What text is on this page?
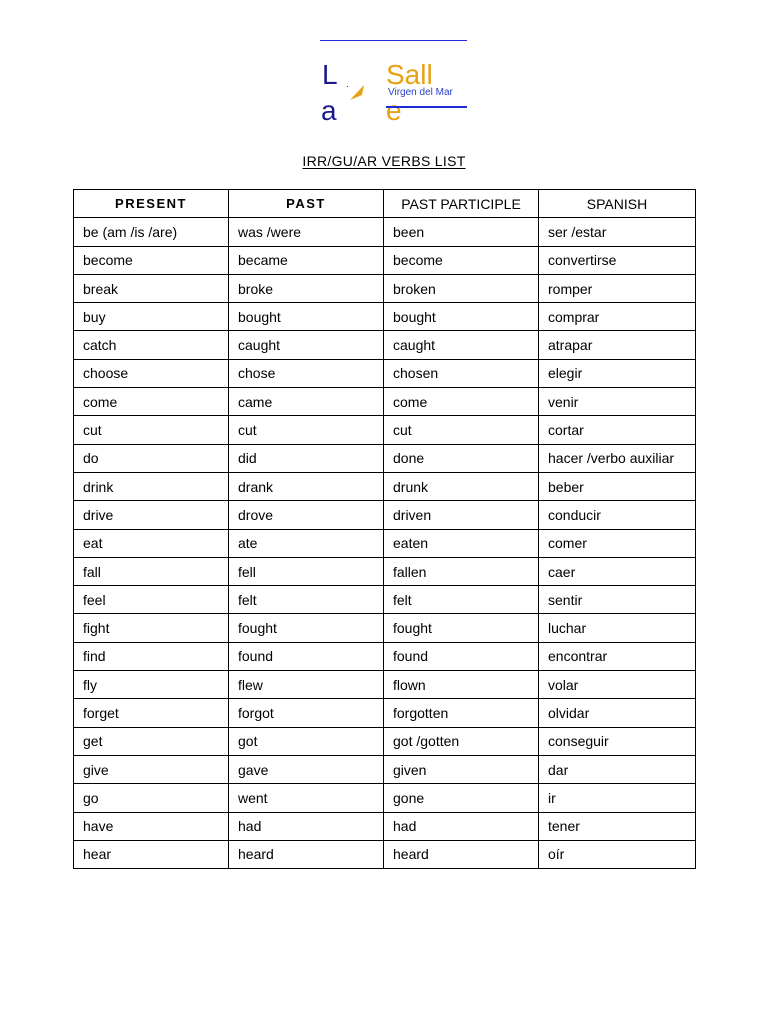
L
a
. Sall
e
Virgen del Mar
IRR/GU/AR VERBS LIST
PRESENT	PAST	PAST PARTICIPLE	SPANISH
be (am /is /are)	was /were	been	ser /estar
become	became	become	convertirse
break	broke	broken	romper
buy	bought	bought	comprar
catch	caught	caught	atrapar
choose	chose	chosen	elegir
come	came	come	venir
cut	cut	cut	cortar
do	did	done	hacer /verbo auxiliar
drink	drank	drunk	beber
drive	drove	driven	conducir
eat	ate	eaten	comer
fall	fell	fallen	caer
feel	felt	felt	sentir
fight	fought	fought	luchar
find	found	found	encontrar
fly	flew	flown	volar
forget	forgot	forgotten	olvidar
get	got	got /gotten	conseguir
give	gave	given	dar
go	went	gone	ir
have	had	had	tener
hear	heard	heard	oír
